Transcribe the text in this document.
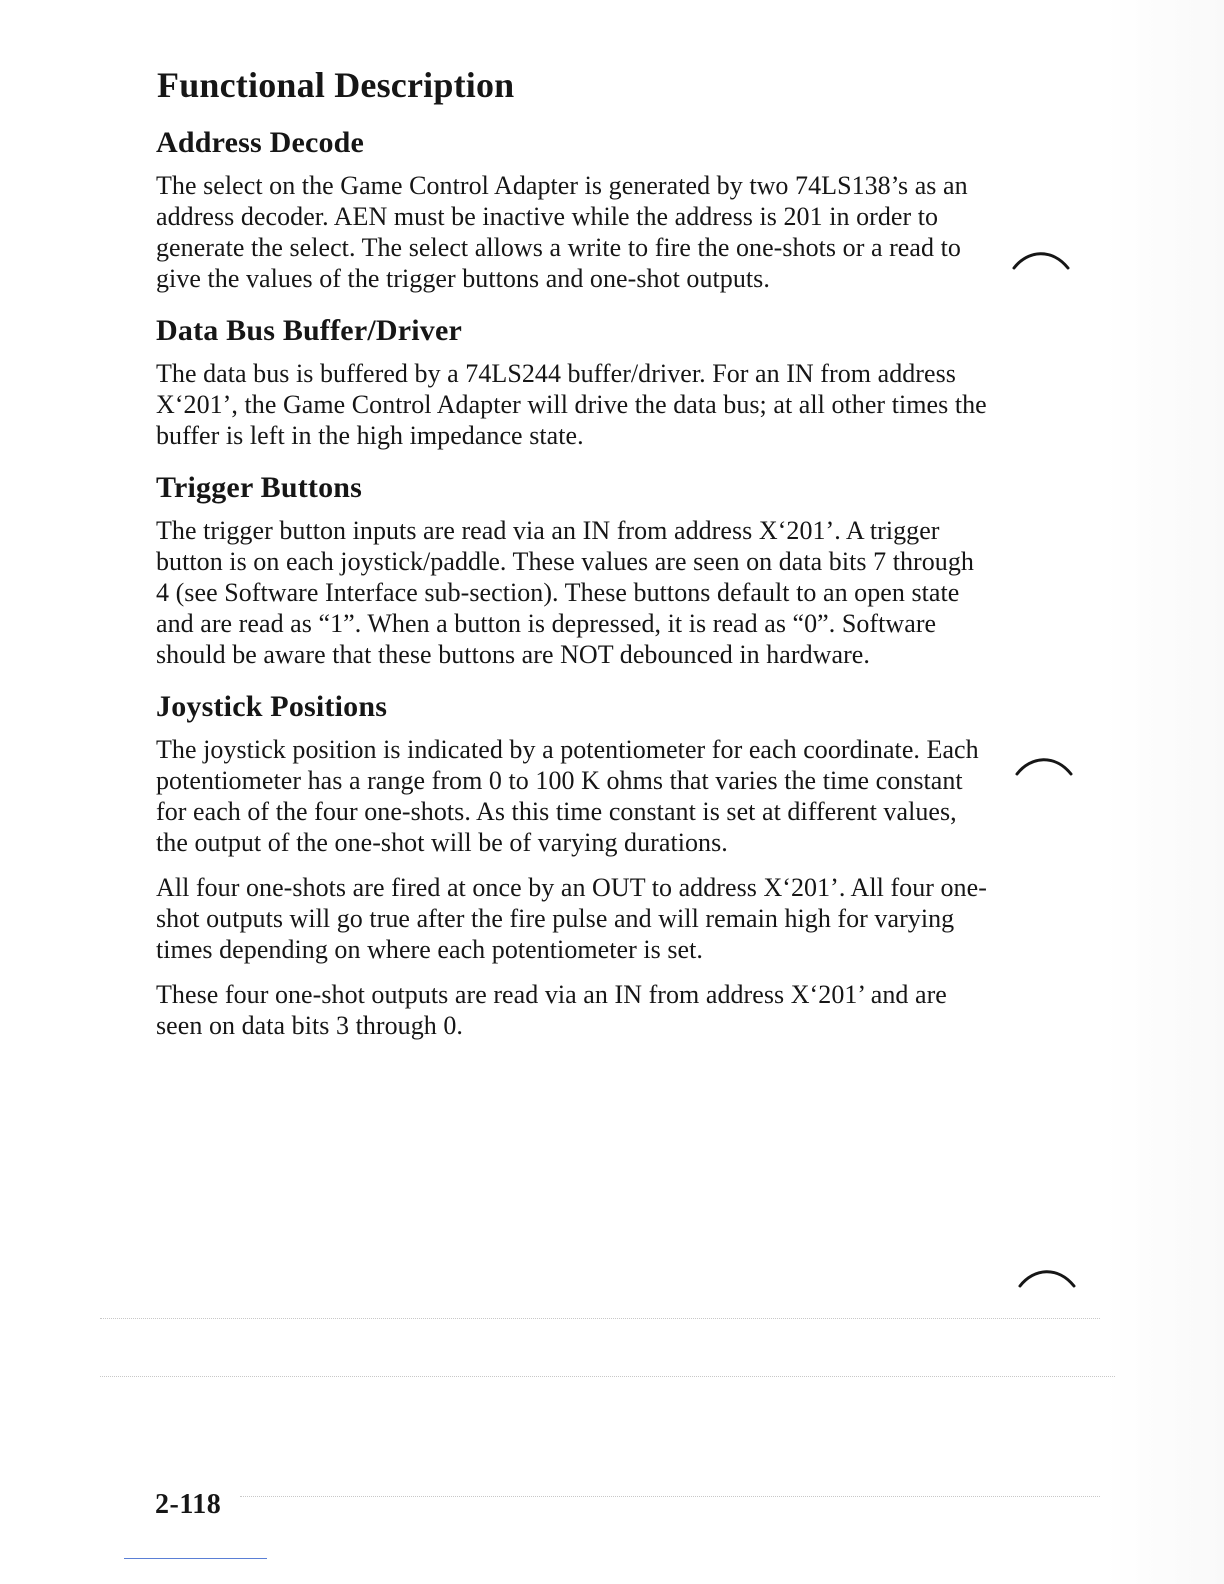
Functional Description
Address Decode

The select on the Game Control Adapter is generated by two 74LS138’s as an address decoder. AEN must be inactive while the address is 201 in order to generate the select. The select allows a write to fire the one-shots or a read to give the values of the trigger buttons and one-shot outputs.

Data Bus Buffer/Driver

The data bus is buffered by a 74LS244 buffer/driver. For an IN from address X‘201’, the Game Control Adapter will drive the data bus; at all other times the buffer is left in the high impedance state.

Trigger Buttons

The trigger button inputs are read via an IN from address X‘201’. A trigger button is on each joystick/paddle. These values are seen on data bits 7 through 4 (see Software Interface sub-section). These buttons default to an open state and are read as “1”. When a button is depressed, it is read as “0”. Software should be aware that these buttons are NOT debounced in hardware.

Joystick Positions

The joystick position is indicated by a potentiometer for each coordinate. Each potentiometer has a range from 0 to 100 K ohms that varies the time constant for each of the four one-shots. As this time constant is set at different values, the output of the one-shot will be of varying durations.

All four one-shots are fired at once by an OUT to address X‘201’. All four one-shot outputs will go true after the fire pulse and will remain high for varying times depending on where each potentiometer is set.

These four one-shot outputs are read via an IN from address X‘201’ and are seen on data bits 3 through 0.

2-118
